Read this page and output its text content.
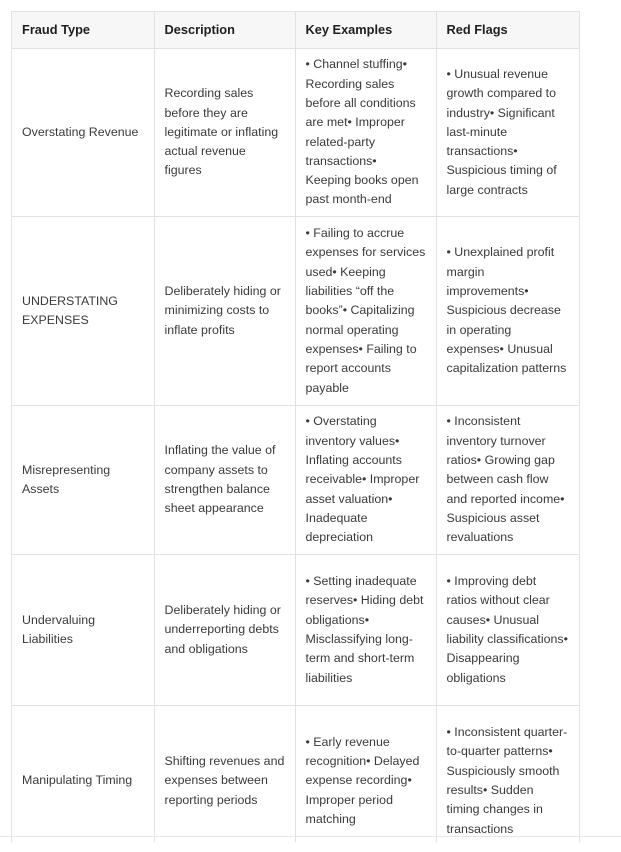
Fraud Type	Description	Key Examples	Red Flags
Overstating Revenue	Recording sales before they are legitimate or inflating actual revenue figures	• Channel stuffing• Recording sales before all conditions are met• Improper related-party transactions• Keeping books open past month-end	• Unusual revenue growth compared to industry• Significant last-minute transactions• Suspicious timing of large contracts
UNDERSTATING EXPENSES	Deliberately hiding or minimizing costs to inflate profits	• Failing to accrue expenses for services used• Keeping liabilities “off the books”• Capitalizing normal operating expenses• Failing to report accounts payable	• Unexplained profit margin improvements• Suspicious decrease in operating expenses• Unusual capitalization patterns
Misrepresenting Assets	Inflating the value of company assets to strengthen balance sheet appearance	• Overstating inventory values• Inflating accounts receivable• Improper asset valuation• Inadequate depreciation	• Inconsistent inventory turnover ratios• Growing gap between cash flow and reported income• Suspicious asset revaluations
Undervaluing Liabilities	Deliberately hiding or underreporting debts and obligations	• Setting inadequate reserves• Hiding debt obligations• Misclassifying long-term and short-term liabilities	• Improving debt ratios without clear causes• Unusual liability classifications• Disappearing obligations
Manipulating Timing	Shifting revenues and expenses between reporting periods	• Early revenue recognition• Delayed expense recording• Improper period matching	• Inconsistent quarter-to-quarter patterns• Suspiciously smooth results• Sudden timing changes in transactions
